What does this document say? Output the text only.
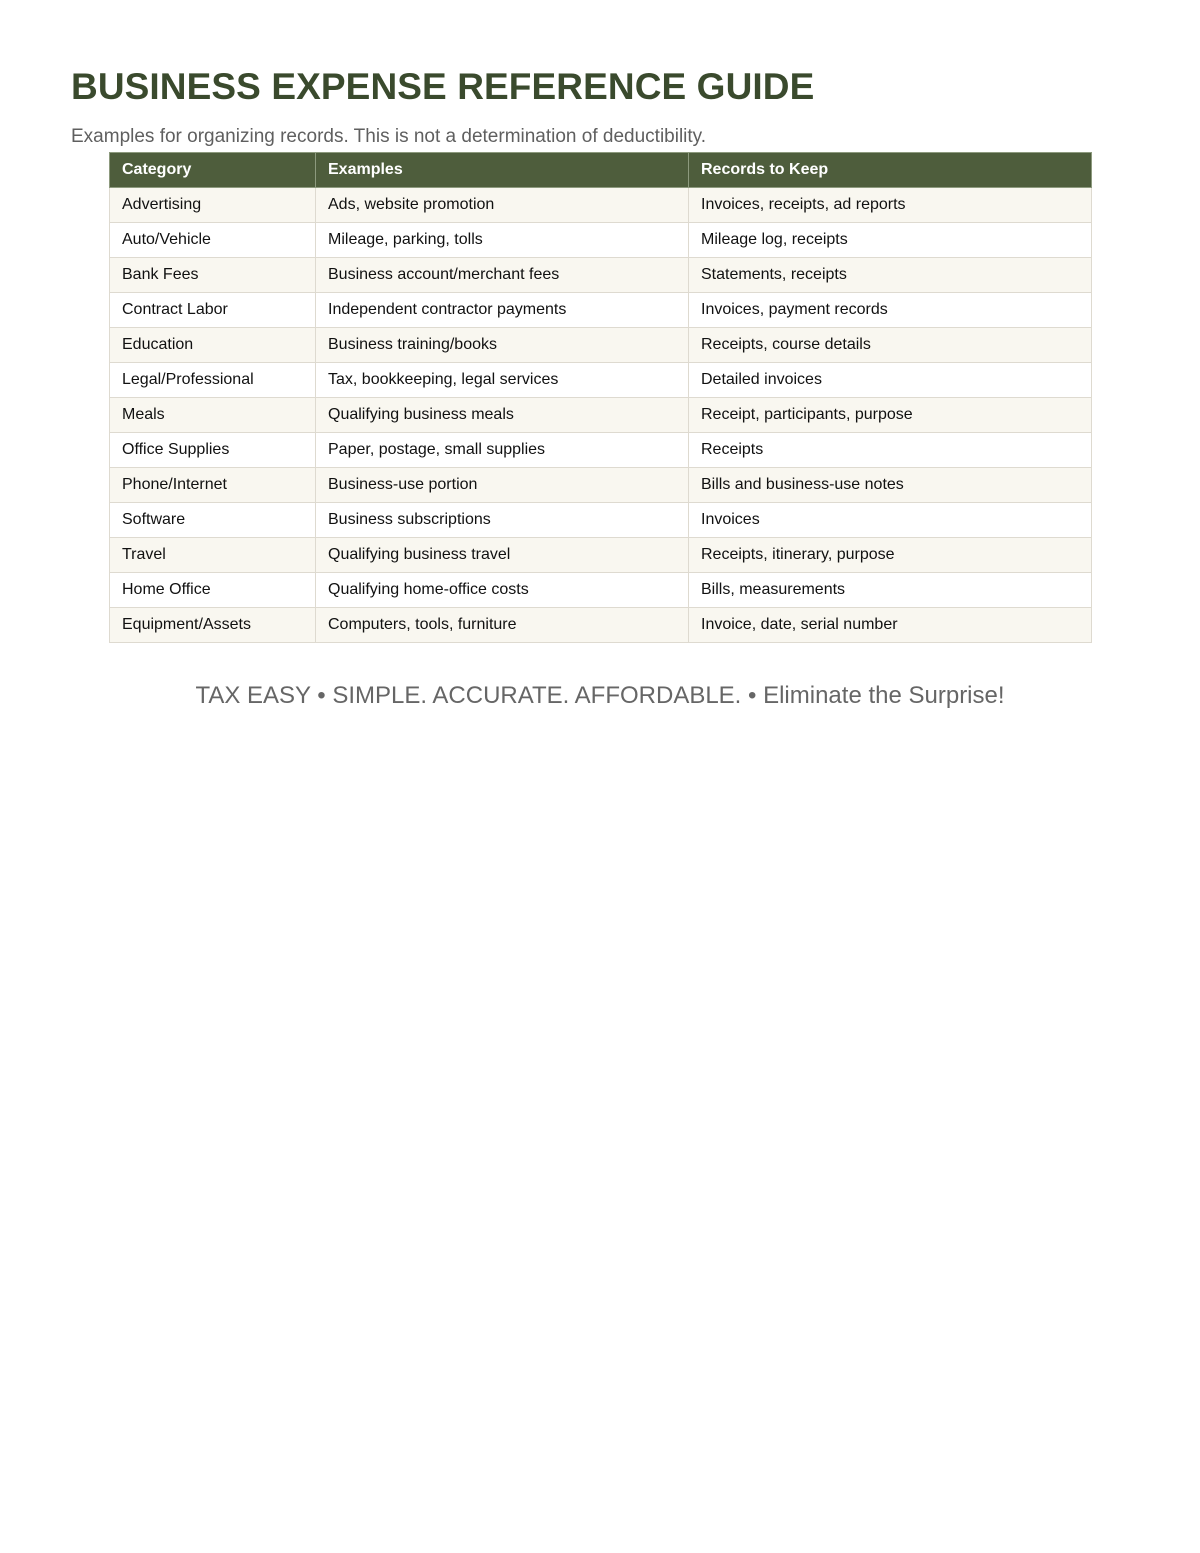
BUSINESS EXPENSE REFERENCE GUIDE

Examples for organizing records. This is not a determination of deductibility.

Category	Examples	Records to Keep
Advertising	Ads, website promotion	Invoices, receipts, ad reports
Auto/Vehicle	Mileage, parking, tolls	Mileage log, receipts
Bank Fees	Business account/merchant fees	Statements, receipts
Contract Labor	Independent contractor payments	Invoices, payment records
Education	Business training/books	Receipts, course details
Legal/Professional	Tax, bookkeeping, legal services	Detailed invoices
Meals	Qualifying business meals	Receipt, participants, purpose
Office Supplies	Paper, postage, small supplies	Receipts
Phone/Internet	Business-use portion	Bills and business-use notes
Software	Business subscriptions	Invoices
Travel	Qualifying business travel	Receipts, itinerary, purpose
Home Office	Qualifying home-office costs	Bills, measurements
Equipment/Assets	Computers, tools, furniture	Invoice, date, serial number

TAX EASY • SIMPLE. ACCURATE. AFFORDABLE. • Eliminate the Surprise!
